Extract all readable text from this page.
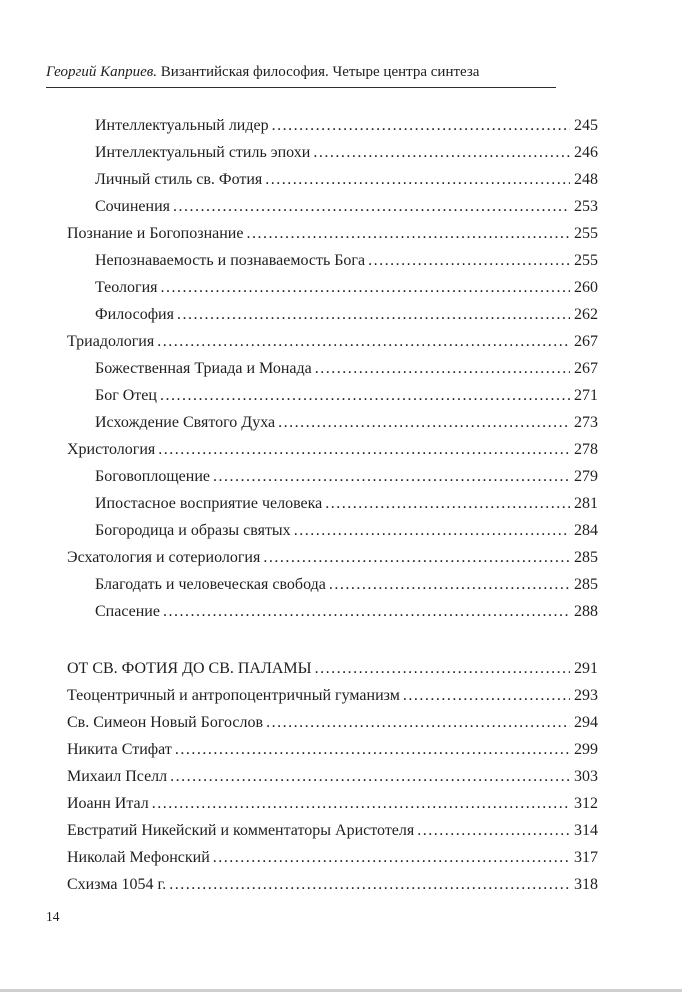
Георгий Каприев. Византийская философия. Четыре центра синтеза
Интеллектуальный лидер .....	245
Интеллектуальный стиль эпохи .....	246
Личный стиль св. Фотия .....	248
Сочинения .....	253
Познание и Богопознание .....	255
Непознаваемость и познаваемость Бога .....	255
Теология .....	260
Философия .....	262
Триадология .....	267
Божественная Триада и Монада .....	267
Бог Отец .....	271
Исхождение Святого Духа .....	273
Христология .....	278
Боговоплощение .....	279
Ипостасное восприятие человека .....	281
Богородица и образы святых .....	284
Эсхатология и сотериология .....	285
Благодать и человеческая свобода .....	285
Спасение .....	288
ОТ СВ. ФОТИЯ ДО СВ. ПАЛАМЫ .....	291
Теоцентричный и антропоцентричный гуманизм .....	293
Св. Симеон Новый Богослов .....	294
Никита Стифат .....	299
Михаил Пселл .....	303
Иоанн Итал .....	312
Евстратий Никейский и комментаторы Аристотеля .....	314
Николай Мефонский .....	317
Схизма 1054 г. .....	318
14
